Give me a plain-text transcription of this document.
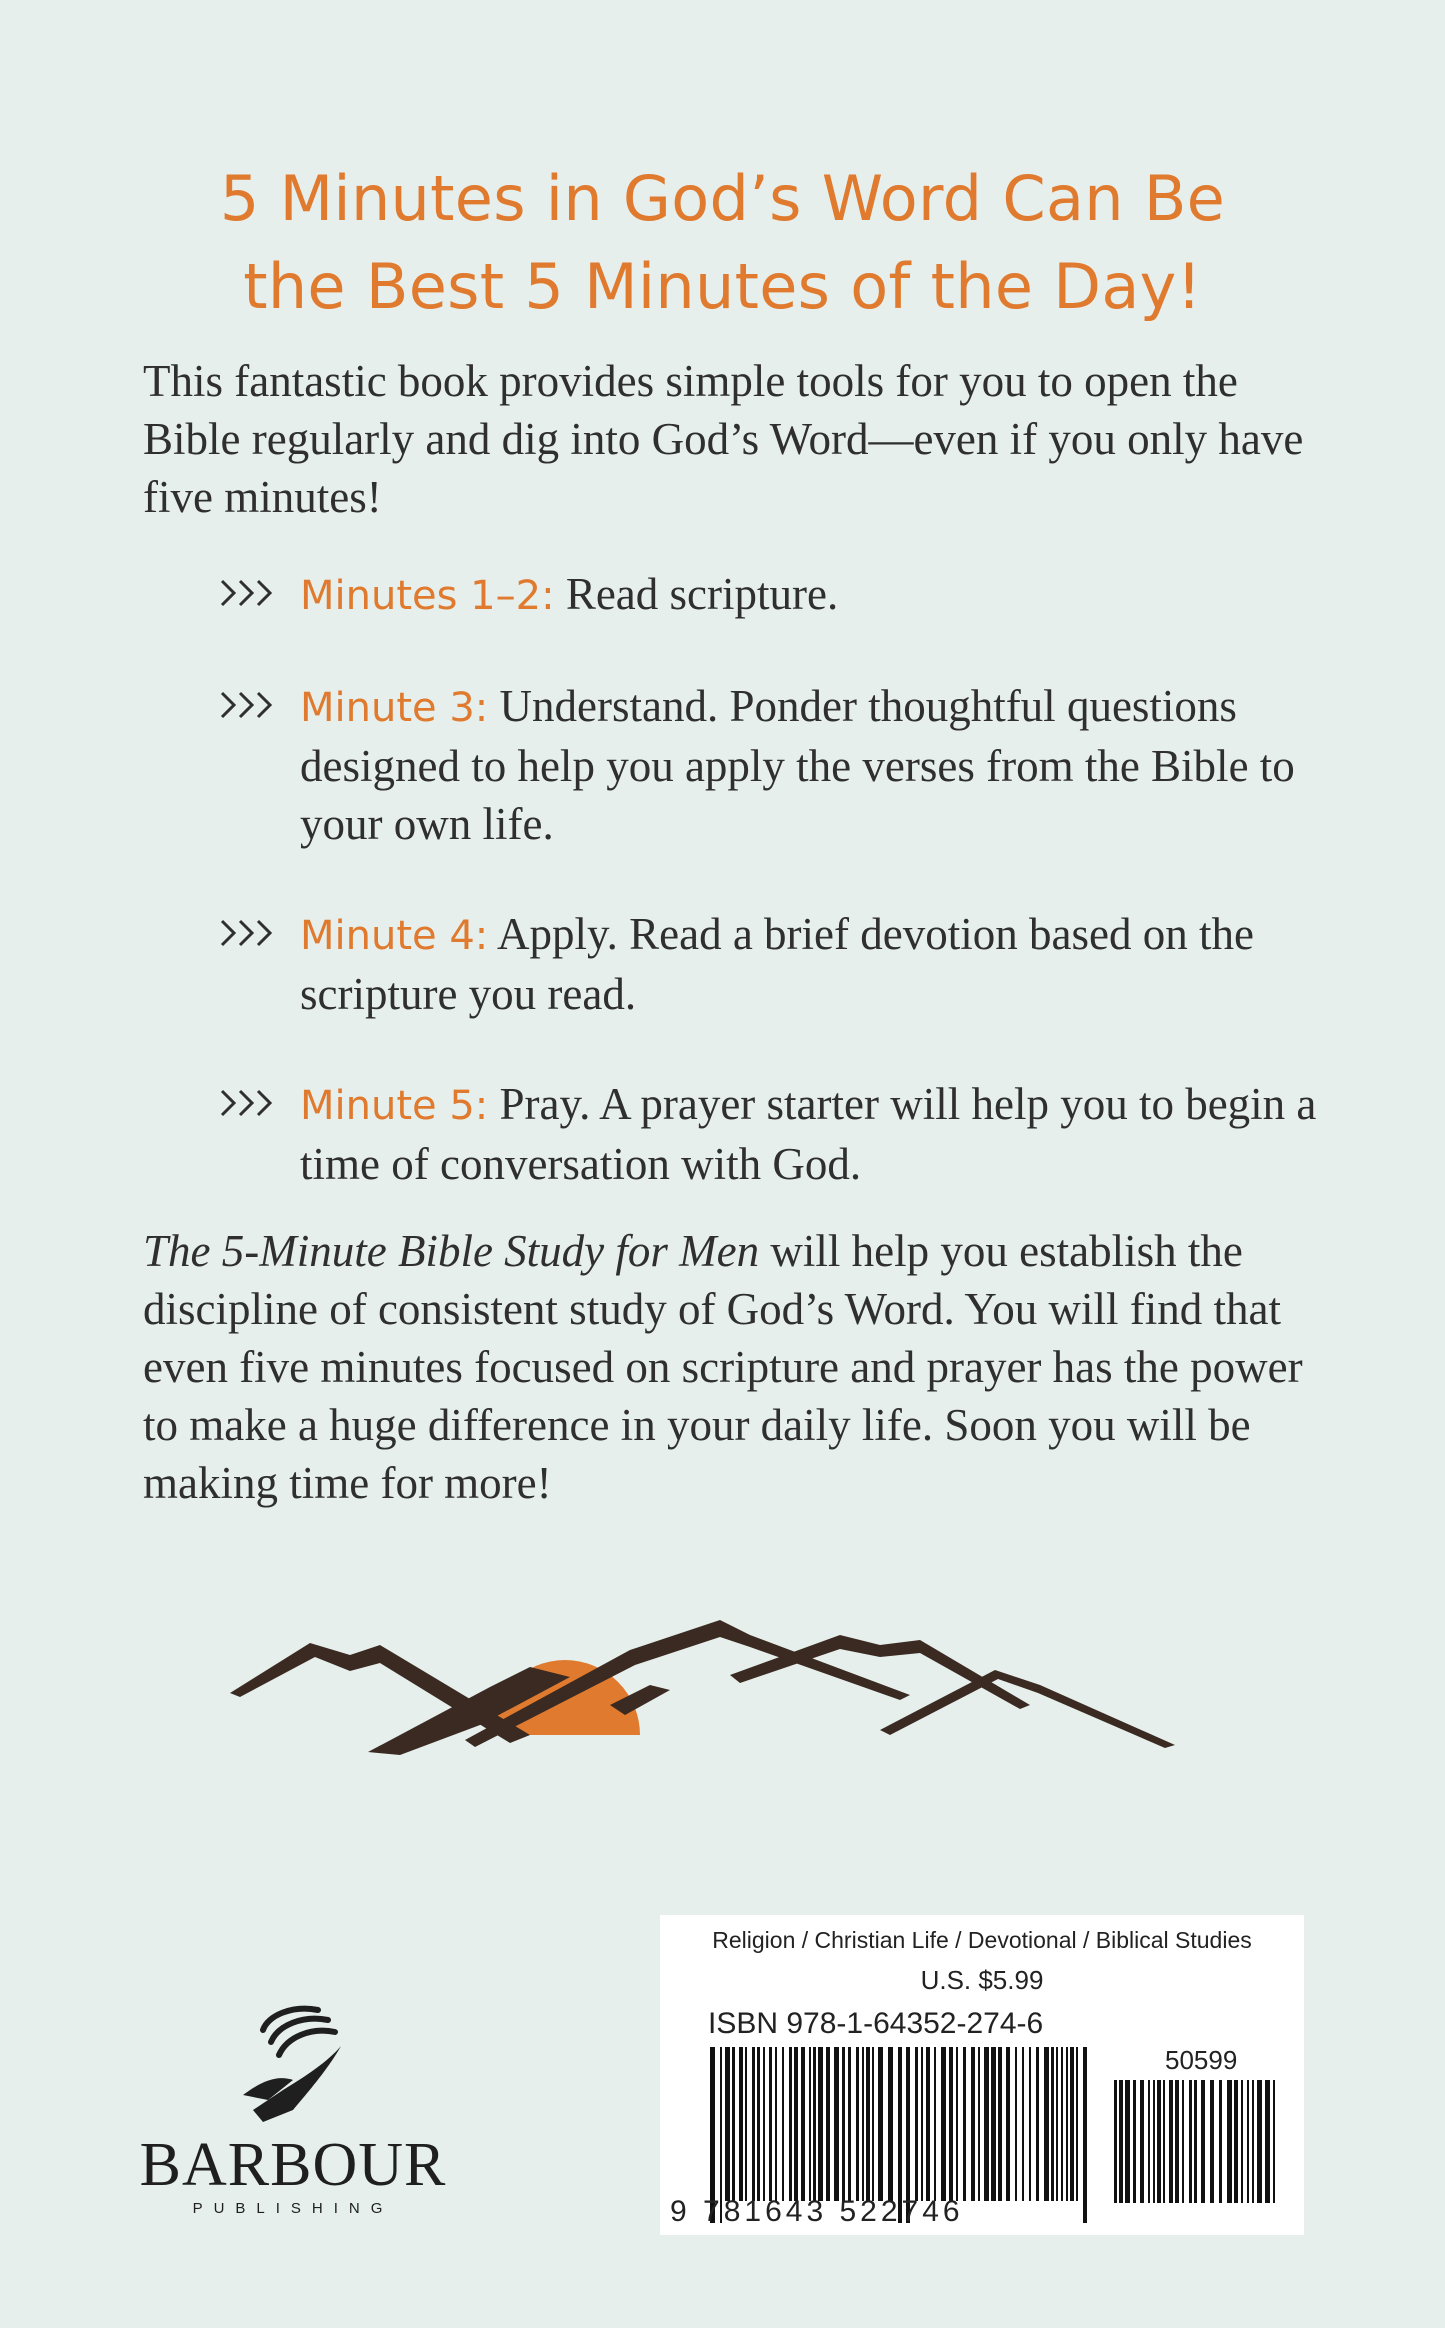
5 Minutes in God’s Word Can Be
the Best 5 Minutes of the Day!
This fantastic book provides simple tools for you to open the Bible regularly and dig into God’s Word—even if you only have five minutes!
Minutes 1–2: Read scripture.
Minute 3: Understand. Ponder thoughtful questions designed to help you apply the verses from the Bible to your own life.
Minute 4: Apply. Read a brief devotion based on the scripture you read.
Minute 5: Pray. A prayer starter will help you to begin a time of conversation with God.
The 5-Minute Bible Study for Men will help you establish the discipline of consistent study of God’s Word. You will find that even five minutes focused on scripture and prayer has the power to make a huge difference in your daily life. Soon you will be making time for more!
BARBOUR
PUBLISHING
Religion / Christian Life / Devotional / Biblical Studies
U.S. $5.99
ISBN 978-1-64352-274-6
50599
9 781643 522746
